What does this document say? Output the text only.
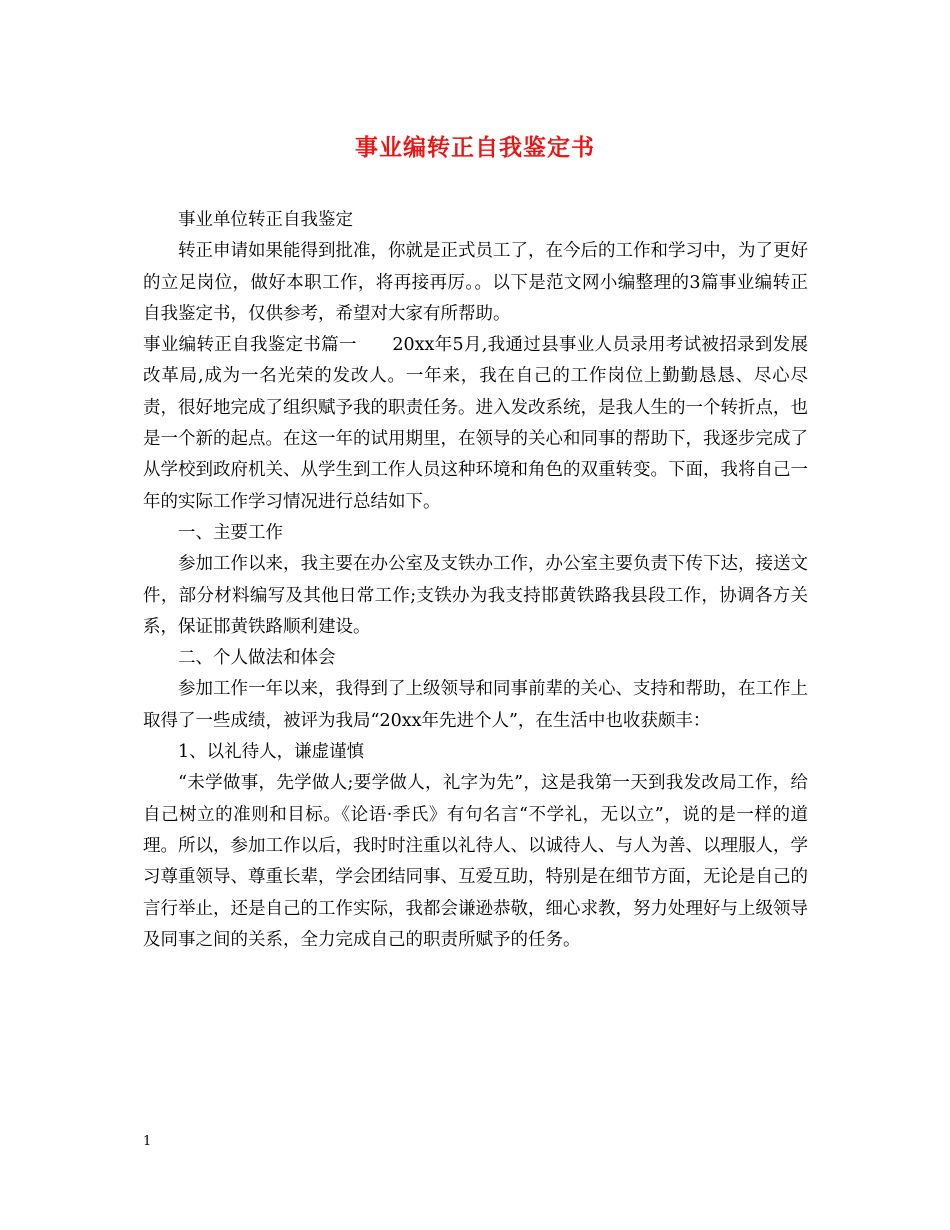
事业编转正自我鉴定书

事业单位转正自我鉴定

转正申请如果能得到批准，你就是正式员工了，在今后的工作和学习中，为了更好的立足岗位，做好本职工作，将再接再厉。。以下是范文网小编整理的3篇事业编转正自我鉴定书，仅供参考，希望对大家有所帮助。

事业编转正自我鉴定书篇一　　20xx年5月,我通过县事业人员录用考试被招录到发展改革局,成为一名光荣的发改人。一年来，我在自己的工作岗位上勤勤恳恳、尽心尽责，很好地完成了组织赋予我的职责任务。进入发改系统，是我人生的一个转折点，也是一个新的起点。在这一年的试用期里，在领导的关心和同事的帮助下，我逐步完成了从学校到政府机关、从学生到工作人员这种环境和角色的双重转变。下面，我将自己一年的实际工作学习情况进行总结如下。

一、主要工作

参加工作以来，我主要在办公室及支铁办工作，办公室主要负责下传下达，接送文件，部分材料编写及其他日常工作;支铁办为我支持邯黄铁路我县段工作，协调各方关系，保证邯黄铁路顺利建设。

二、个人做法和体会

参加工作一年以来，我得到了上级领导和同事前辈的关心、支持和帮助，在工作上取得了一些成绩，被评为我局“20xx年先进个人”，在生活中也收获颇丰：

1、以礼待人，谦虚谨慎

“未学做事，先学做人;要学做人，礼字为先”，这是我第一天到我发改局工作，给自己树立的准则和目标。《论语·季氏》有句名言“不学礼，无以立”，说的是一样的道理。所以，参加工作以后，我时时注重以礼待人、以诚待人、与人为善、以理服人，学习尊重领导、尊重长辈，学会团结同事、互爱互助，特别是在细节方面，无论是自己的言行举止，还是自己的工作实际，我都会谦逊恭敬，细心求教，努力处理好与上级领导及同事之间的关系，全力完成自己的职责所赋予的任务。

1
